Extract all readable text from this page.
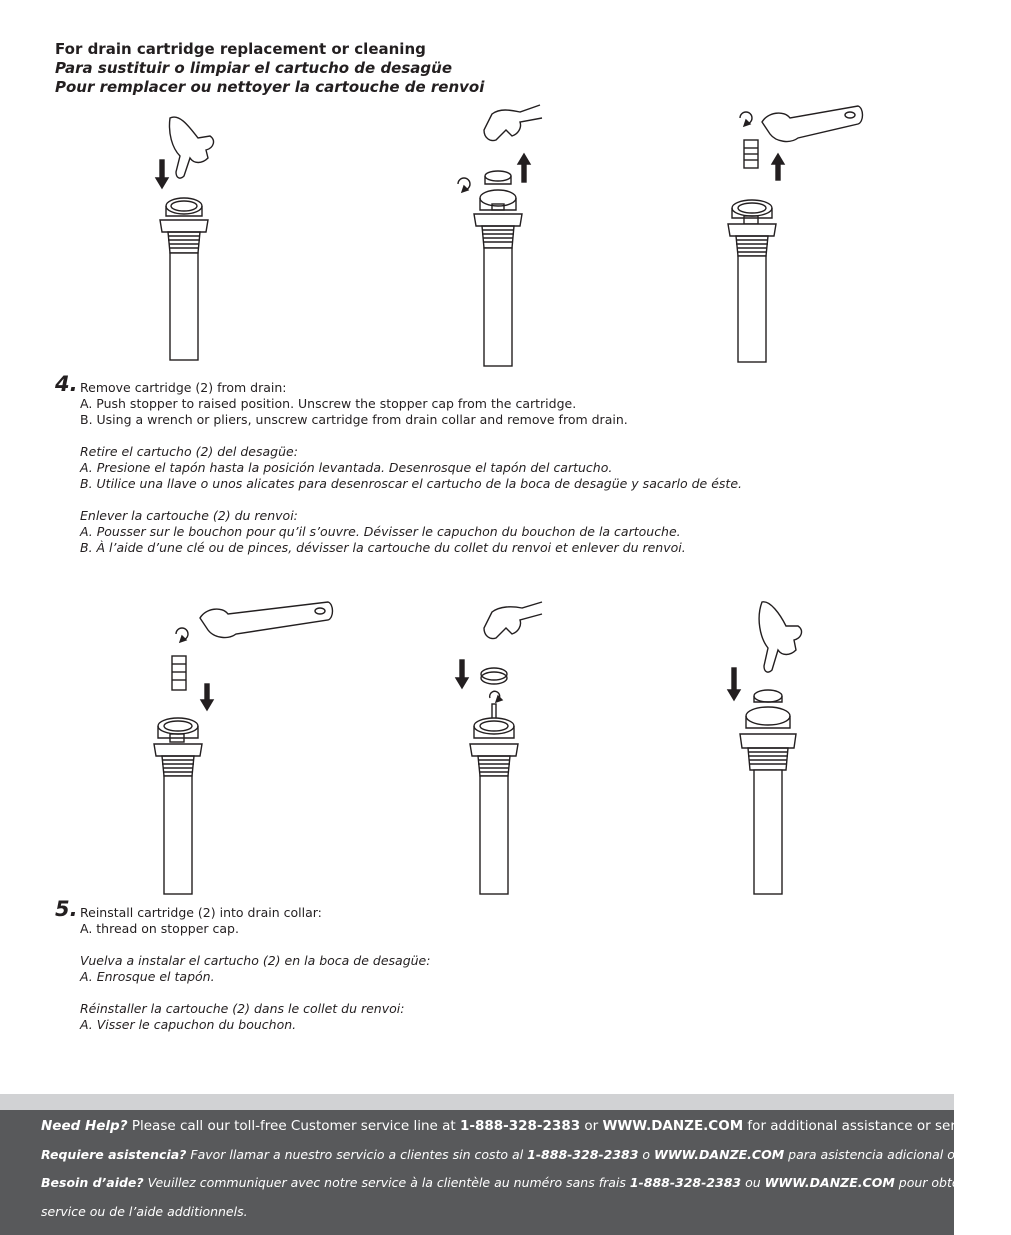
For drain cartridge replacement or cleaning
Para sustituir o limpiar el cartucho de desagüe
Pour remplacer ou nettoyer la cartouche de renvoi
4. Remove cartridge (2) from drain:
A. Push stopper to raised position. Unscrew the stopper cap from the cartridge.
B. Using a wrench or pliers, unscrew cartridge from drain collar and remove from drain.
Retire el cartucho (2) del desagüe:
A. Presione el tapón hasta la posición levantada. Desenrosque el tapón del cartucho.
B. Utilice una llave o unos alicates para desenroscar el cartucho de la boca de desagüe y sacarlo de éste.
Enlever la cartouche (2) du renvoi:
A. Pousser sur le bouchon pour qu’il s’ouvre. Dévisser le capuchon du bouchon de la cartouche.
B. À l’aide d’une clé ou de pinces, dévisser la cartouche du collet du renvoi et enlever du renvoi.
5. Reinstall cartridge (2) into drain collar:
A. thread on stopper cap.
Vuelva a instalar el cartucho (2) en la boca de desagüe:
A. Enrosque el tapón.
Réinstaller la cartouche (2) dans le collet du renvoi:
A. Visser le capuchon du bouchon.
Need Help? Please call our toll-free Customer service line at 1-888-328-2383 or WWW.DANZE.COM for additional assistance or service.
Requiere asistencia? Favor llamar a nuestro servicio a clientes sin costo al 1-888-328-2383 o WWW.DANZE.COM para asistencia adicional o servicio.
Besoin d’aide? Veuillez communiquer avec notre service à la clientèle au numéro sans frais 1-888-328-2383 ou WWW.DANZE.COM pour obtenir du
service ou de l’aide additionnels.
